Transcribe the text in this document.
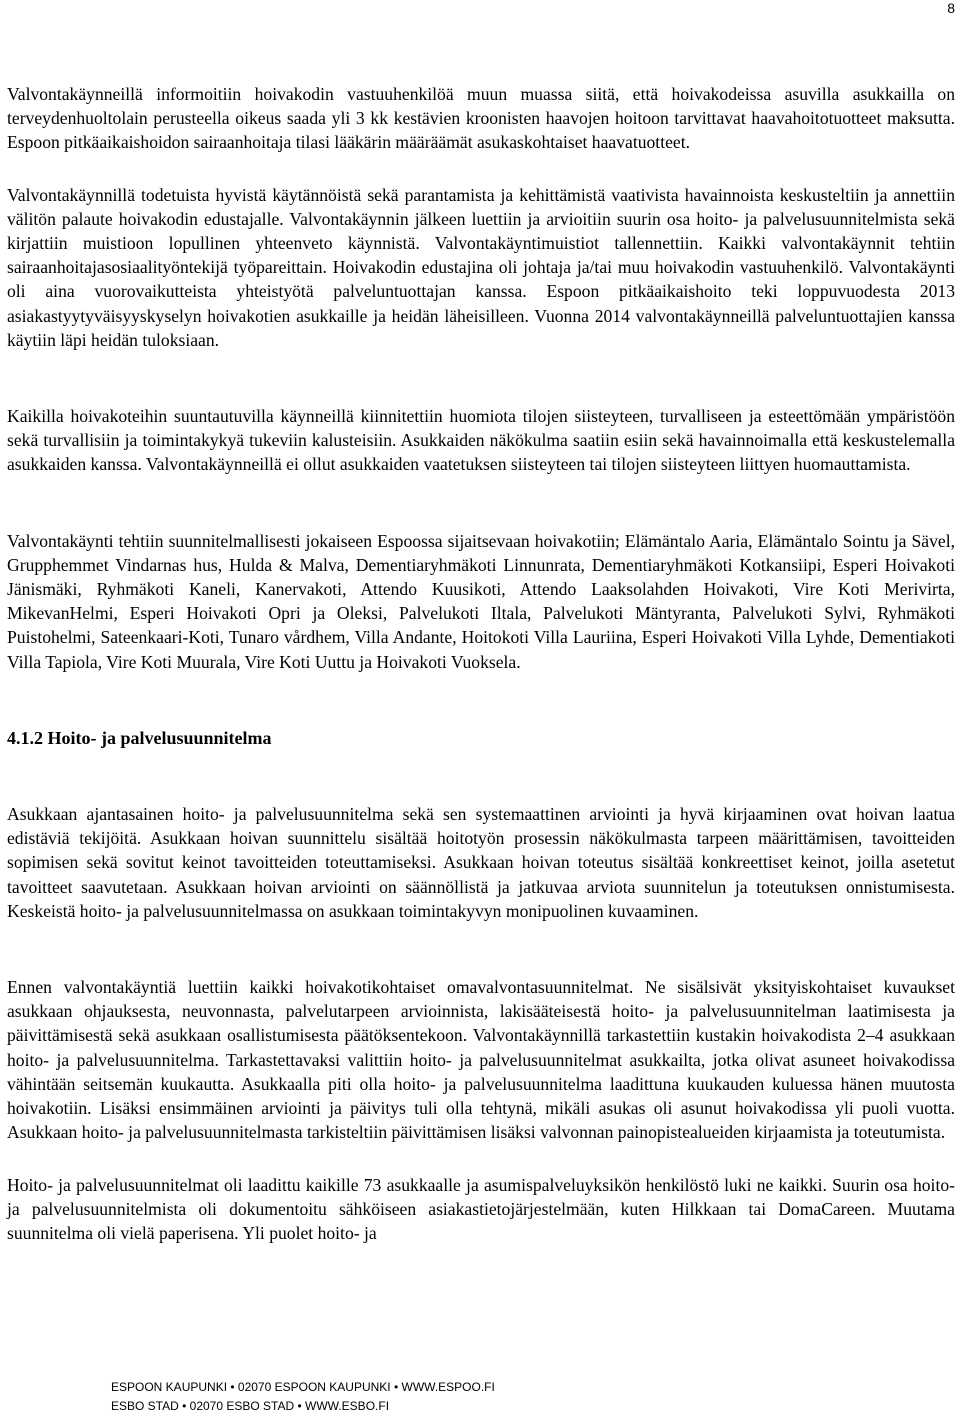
8

Valvontakäynneillä informoitiin hoivakodin vastuuhenkilöä muun muassa siitä, että hoivakodeissa asuvilla asukkailla on terveydenhuoltolain perusteella oikeus saada yli 3 kk kestävien kroonisten haavojen hoitoon tarvittavat haavahoitotuotteet maksutta. Espoon pitkäaikaishoidon sairaanhoitaja tilasi lääkärin määräämät asukaskohtaiset haavatuotteet.

Valvontakäynnillä todetuista hyvistä käytännöistä sekä parantamista ja kehittämistä vaativista havainnoista keskusteltiin ja annettiin välitön palaute hoivakodin edustajalle. Valvontakäynnin jälkeen luettiin ja arvioitiin suurin osa hoito- ja palvelusuunnitelmista sekä kirjattiin muistioon lopullinen yhteenveto käynnistä. Valvontakäyntimuistiot tallennettiin. Kaikki valvontakäynnit tehtiin sairaanhoitajasosiaalityöntekijä työpareittain. Hoivakodin edustajina oli johtaja ja/tai muu hoivakodin vastuuhenkilö. Valvontakäynti oli aina vuorovaikutteista yhteistyötä palveluntuottajan kanssa. Espoon pitkäaikaishoito teki loppuvuodesta 2013 asiakastyytyväisyyskyselyn hoivakotien asukkaille ja heidän läheisilleen. Vuonna 2014 valvontakäynneillä palveluntuottajien kanssa käytiin läpi heidän tuloksiaan.

Kaikilla hoivakoteihin suuntautuvilla käynneillä kiinnitettiin huomiota tilojen siisteyteen, turvalliseen ja esteettömään ympäristöön sekä turvallisiin ja toimintakykyä tukeviin kalusteisiin. Asukkaiden näkökulma saatiin esiin sekä havainnoimalla että keskustelemalla asukkaiden kanssa. Valvontakäynneillä ei ollut asukkaiden vaatetuksen siisteyteen tai tilojen siisteyteen liittyen huomauttamista.

Valvontakäynti tehtiin suunnitelmallisesti jokaiseen Espoossa sijaitsevaan hoivakotiin; Elämäntalo Aaria, Elämäntalo Sointu ja Sävel, Grupphemmet Vindarnas hus, Hulda & Malva, Dementiaryhmäkoti Linnunrata, Dementiaryhmäkoti Kotkansiipi, Esperi Hoivakoti Jänismäki, Ryhmäkoti Kaneli, Kanervakoti, Attendo Kuusikoti, Attendo Laaksolahden Hoivakoti, Vire Koti Merivirta, MikevanHelmi, Esperi Hoivakoti Opri ja Oleksi, Palvelukoti Iltala, Palvelukoti Mäntyranta, Palvelukoti Sylvi, Ryhmäkoti Puistohelmi, Sateenkaari-Koti, Tunaro vårdhem, Villa Andante, Hoitokoti Villa Lauriina, Esperi Hoivakoti Villa Lyhde, Dementiakoti Villa Tapiola, Vire Koti Muurala, Vire Koti Uuttu ja Hoivakoti Vuoksela.

4.1.2 Hoito- ja palvelusuunnitelma

Asukkaan ajantasainen hoito- ja palvelusuunnitelma sekä sen systemaattinen arviointi ja hyvä kirjaaminen ovat hoivan laatua edistäviä tekijöitä. Asukkaan hoivan suunnittelu sisältää hoitotyön prosessin näkökulmasta tarpeen määrittämisen, tavoitteiden sopimisen sekä sovitut keinot tavoitteiden toteuttamiseksi. Asukkaan hoivan toteutus sisältää konkreettiset keinot, joilla asetetut tavoitteet saavutetaan. Asukkaan hoivan arviointi on säännöllistä ja jatkuvaa arviota suunnitelun ja toteutuksen onnistumisesta. Keskeistä hoito- ja palvelusuunnitelmassa on asukkaan toimintakyvyn monipuolinen kuvaaminen.

Ennen valvontakäyntiä luettiin kaikki hoivakotikohtaiset omavalvontasuunnitelmat. Ne sisälsivät yksityiskohtaiset kuvaukset asukkaan ohjauksesta, neuvonnasta, palvelutarpeen arvioinnista, lakisääteisestä hoito- ja palvelusuunnitelman laatimisesta ja päivittämisestä sekä asukkaan osallistumisesta päätöksentekoon. Valvontakäynnillä tarkastettiin kustakin hoivakodista 2–4 asukkaan hoito- ja palvelusuunnitelma. Tarkastettavaksi valittiin hoito- ja palvelusuunnitelmat asukkailta, jotka olivat asuneet hoivakodissa vähintään seitsemän kuukautta. Asukkaalla piti olla hoito- ja palvelusuunnitelma laadittuna kuukauden kuluessa hänen muutosta hoivakotiin. Lisäksi ensimmäinen arviointi ja päivitys tuli olla tehtynä, mikäli asukas oli asunut hoivakodissa yli puoli vuotta. Asukkaan hoito- ja palvelusuunnitelmasta tarkisteltiin päivittämisen lisäksi valvonnan painopistealueiden kirjaamista ja toteutumista.

Hoito- ja palvelusuunnitelmat oli laadittu kaikille 73 asukkaalle ja asumispalveluyksikön henkilöstö luki ne kaikki. Suurin osa hoito- ja palvelusuunnitelmista oli dokumentoitu sähköiseen asiakastietojärjestelmään, kuten Hilkkaan tai DomaCareen. Muutama suunnitelma oli vielä paperisena. Yli puolet hoito- ja

ESPOON KAUPUNKI • 02070 ESPOON KAUPUNKI • WWW.ESPOO.FI
ESBO STAD • 02070 ESBO STAD • WWW.ESBO.FI
